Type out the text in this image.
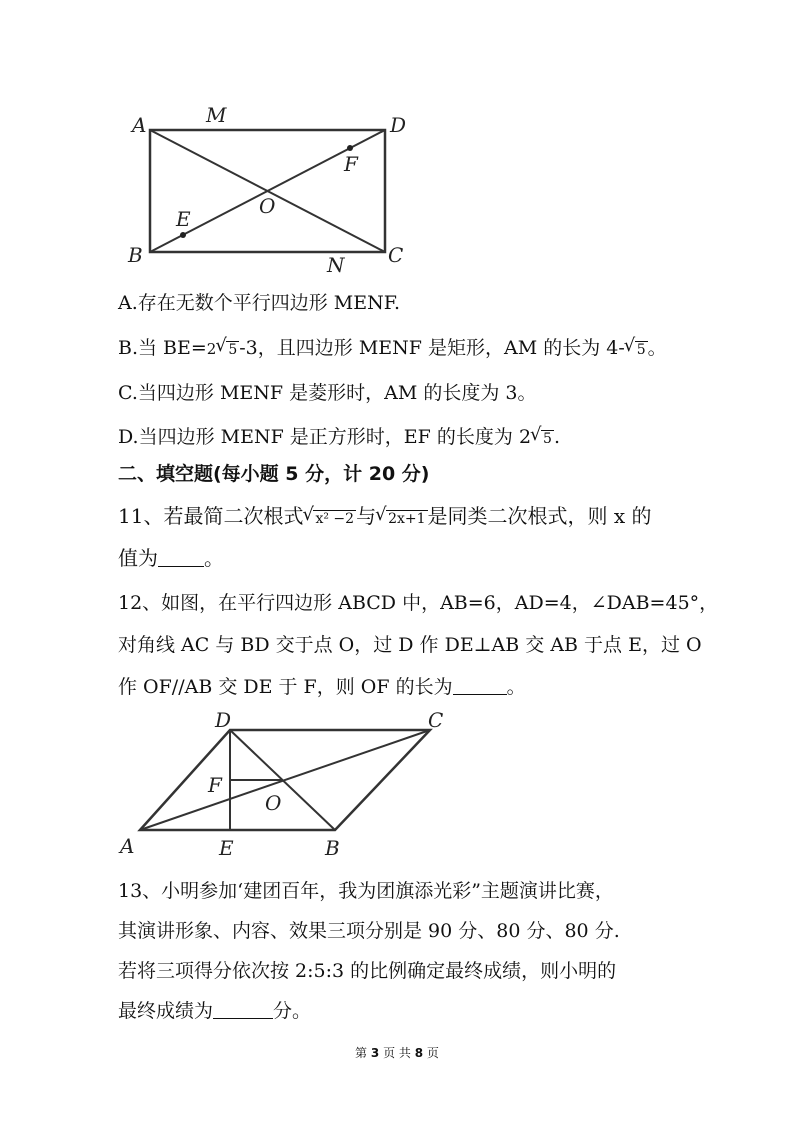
A	M	D
F
O
E
B	N C
A.存在无数个平行四边形 MENF.
B.当 BE=2 √ 5 -3，且四边形 MENF 是矩形，AM 的长为 4- √ 5 。
C.当四边形 MENF 是菱形时，AM 的长度为 3。
D.当四边形 MENF 是正方形时，EF 的长度为 2 √ 5 .
二、填空题(每小题 5 分，计 20 分)
11、若最简二次根式 √ x² −2 与 √ 2x+1 是同类二次根式，则 x 的
值为 。
12、如图，在平行四边形 ABCD 中，AB=6，AD=4，∠DAB=45°，
对角线 AC 与 BD 交于点 O，过 D 作 DE⊥AB 交 AB 于点 E，过 O
作 OF//AB 交 DE 于 F，则 OF 的长为	。
D	C
F
O
A	E	B
13、小明参加‘建团百年，我为团旗添光彩”主题演讲比赛，
其演讲形象、内容、效果三项分别是 90 分、80 分、80 分.
若将三项得分依次按 2:5:3 的比例确定最终成绩，则小明的
最终成绩为	分。
第 3 页 共 8 页
